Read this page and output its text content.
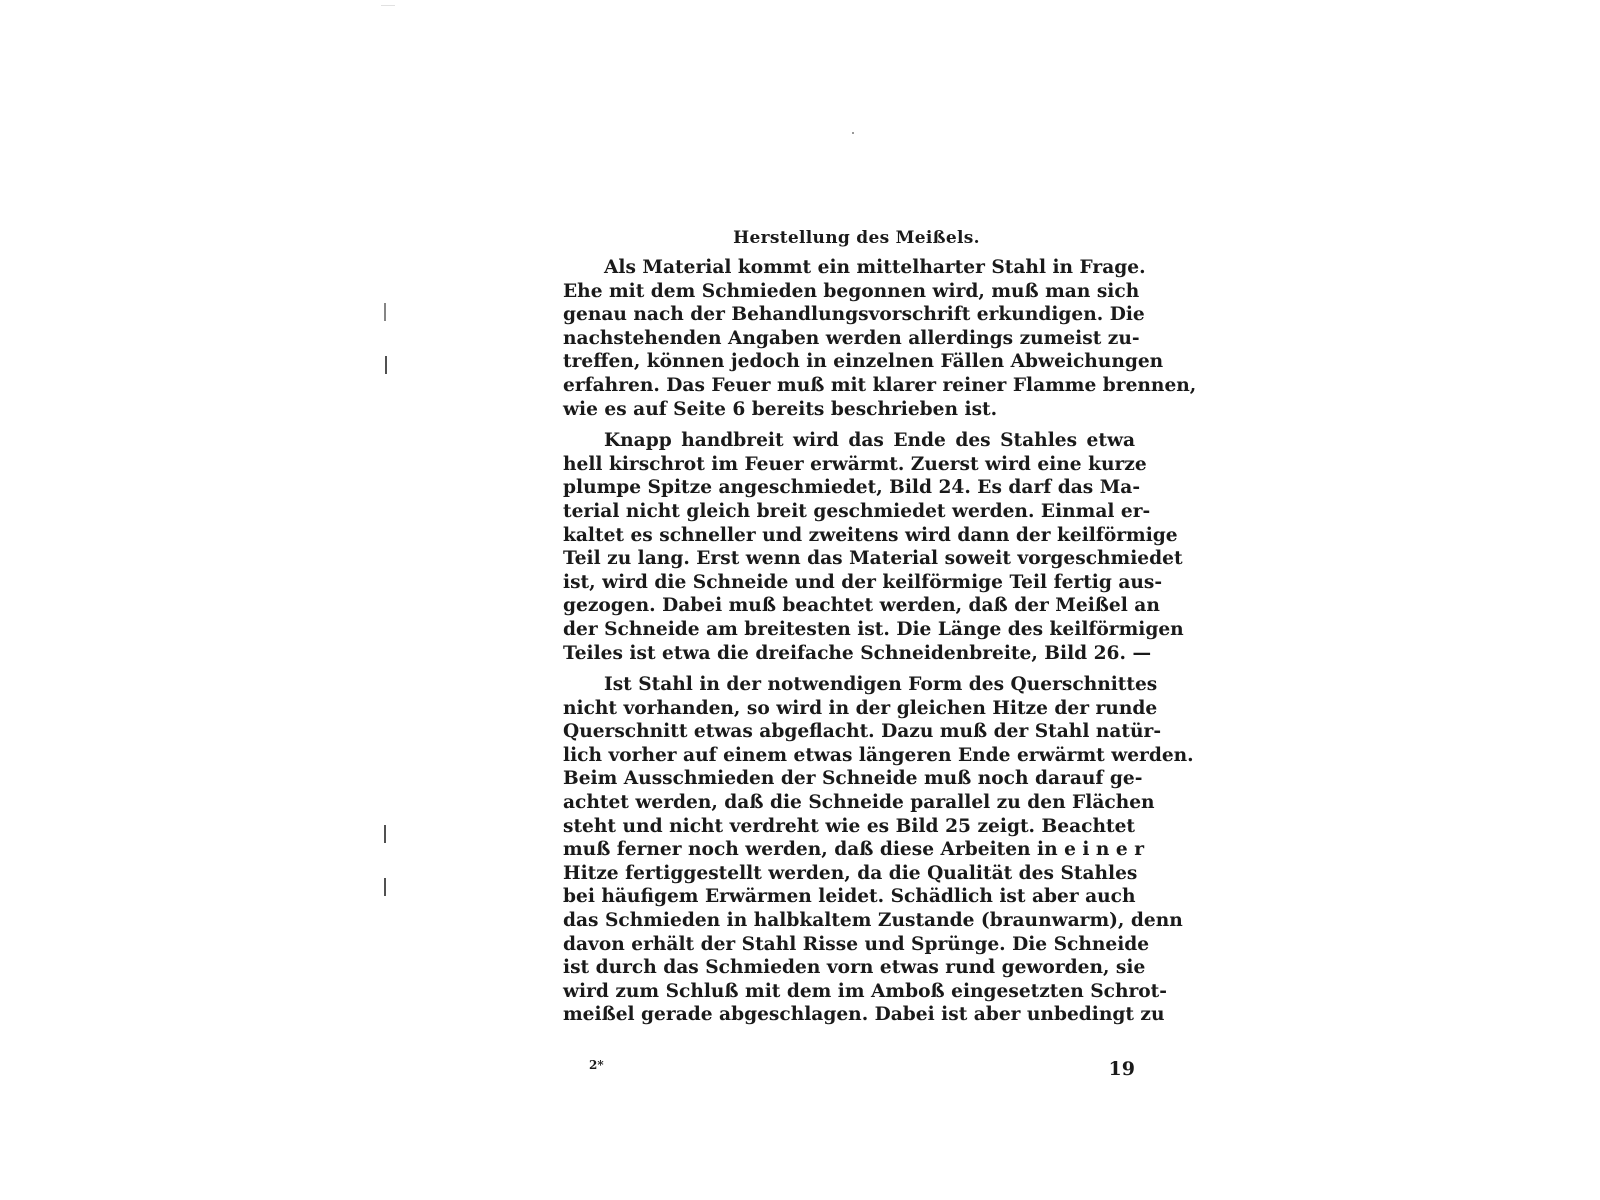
Herstellung des Meißels.
Als Material kommt ein mittelharter Stahl in Frage.
Ehe mit dem Schmieden begonnen wird, muß man sich
genau nach der Behandlungsvorschrift erkundigen. Die
nachstehenden Angaben werden allerdings zumeist zu-
treffen, können jedoch in einzelnen Fällen Abweichungen
erfahren. Das Feuer muß mit klarer reiner Flamme brennen,
wie es auf Seite 6 bereits beschrieben ist.
Knapp handbreit wird das Ende des Stahles etwa
hell kirschrot im Feuer erwärmt. Zuerst wird eine kurze
plumpe Spitze angeschmiedet, Bild 24. Es darf das Ma-
terial nicht gleich breit geschmiedet werden. Einmal er-
kaltet es schneller und zweitens wird dann der keilförmige
Teil zu lang. Erst wenn das Material soweit vorgeschmiedet
ist, wird die Schneide und der keilförmige Teil fertig aus-
gezogen. Dabei muß beachtet werden, daß der Meißel an
der Schneide am breitesten ist. Die Länge des keilförmigen
Teiles ist etwa die dreifache Schneidenbreite, Bild 26. —
Ist Stahl in der notwendigen Form des Querschnittes
nicht vorhanden, so wird in der gleichen Hitze der runde
Querschnitt etwas abgeflacht. Dazu muß der Stahl natür-
lich vorher auf einem etwas längeren Ende erwärmt werden.
Beim Ausschmieden der Schneide muß noch darauf ge-
achtet werden, daß die Schneide parallel zu den Flächen
steht und nicht verdreht wie es Bild 25 zeigt. Beachtet
muß ferner noch werden, daß diese Arbeiten in e i n e r
Hitze fertiggestellt werden, da die Qualität des Stahles
bei häufigem Erwärmen leidet. Schädlich ist aber auch
das Schmieden in halbkaltem Zustande (braunwarm), denn
davon erhält der Stahl Risse und Sprünge. Die Schneide
ist durch das Schmieden vorn etwas rund geworden, sie
wird zum Schluß mit dem im Amboß eingesetzten Schrot-
meißel gerade abgeschlagen. Dabei ist aber unbedingt zu
2*	19
